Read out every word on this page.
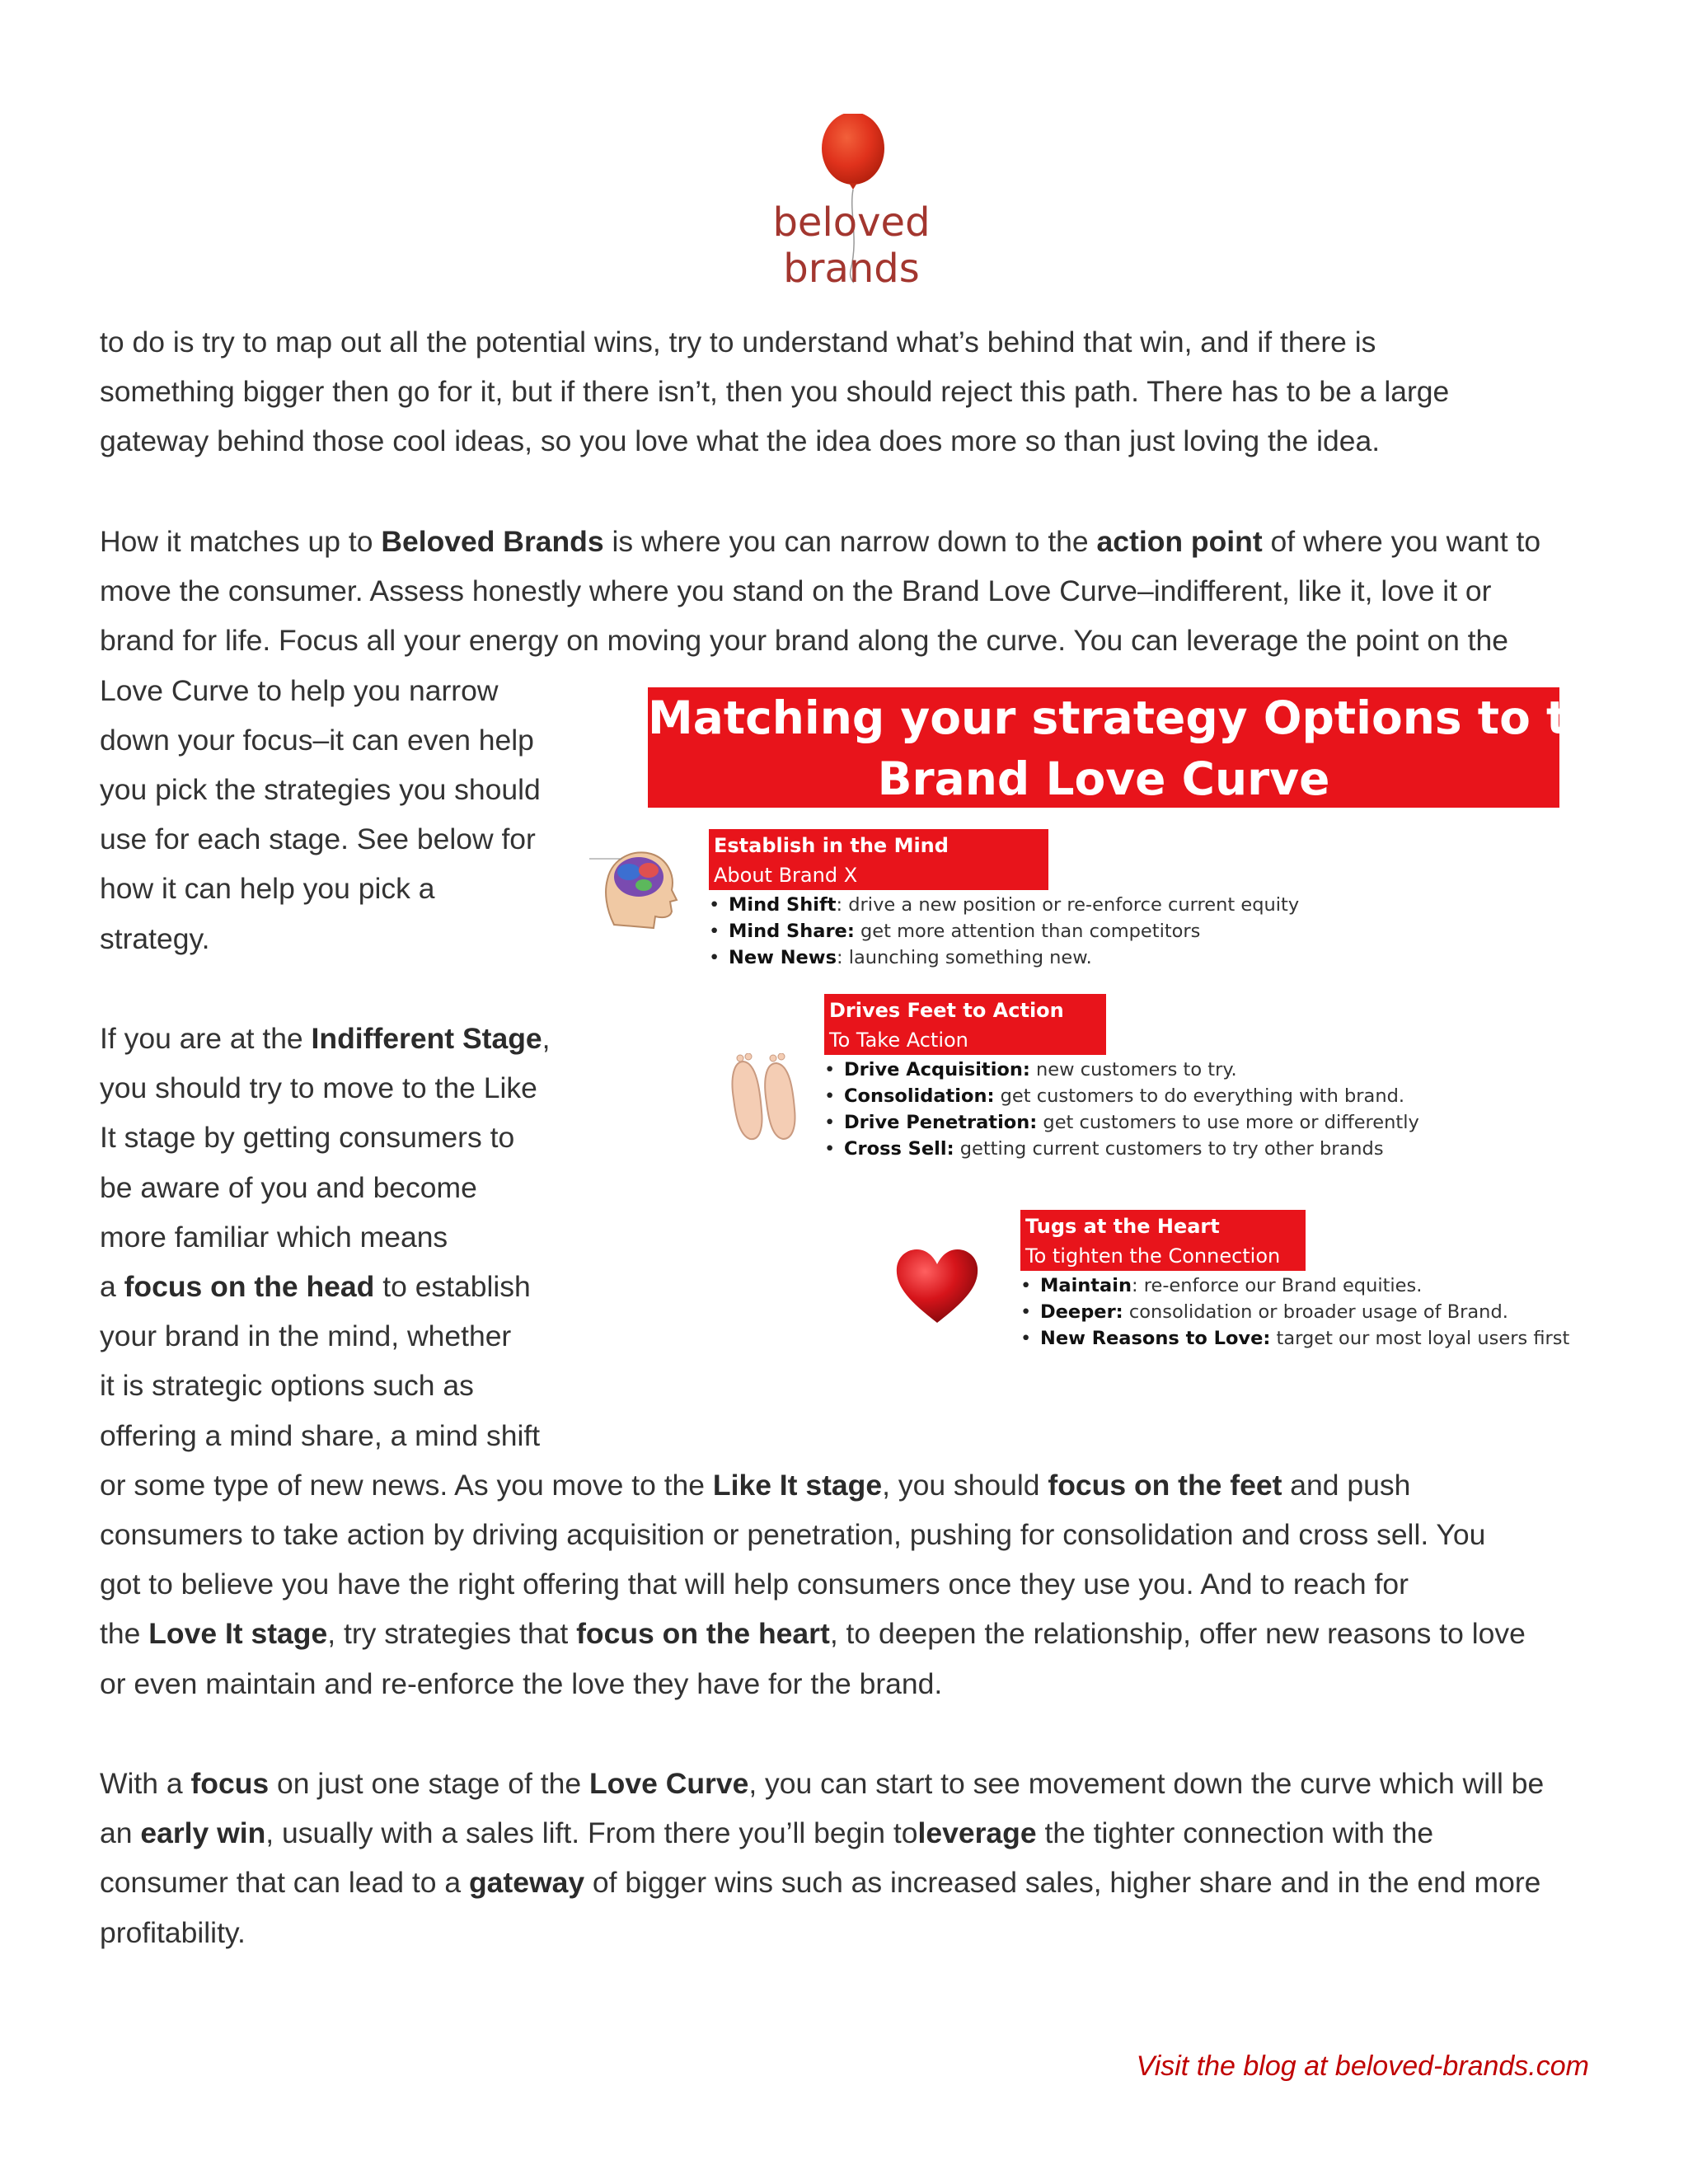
beloved brands
to do is try to map out all the potential wins, try to understand what’s behind that win, and if there is
something bigger then go for it, but if there isn’t, then you should reject this path. There has to be a large
gateway behind those cool ideas, so you love what the idea does more so than just loving the idea.
How it matches up to Beloved Brands is where you can narrow down to the action point of where you want to
move the consumer. Assess honestly where you stand on the Brand Love Curve–indifferent, like it, love it or
brand for life. Focus all your energy on moving your brand along the curve. You can leverage the point on the
Love Curve to help you narrow
down your focus–it can even help
you pick the strategies you should
use for each stage. See below for
how it can help you pick a
strategy.
If you are at the Indifferent Stage,
you should try to move to the Like
It stage by getting consumers to
be aware of you and become
more familiar which means
a focus on the head to establish
your brand in the mind, whether
it is strategic options such as
offering a mind share, a mind shift
or some type of new news. As you move to the Like It stage, you should focus on the feet and push
consumers to take action by driving acquisition or penetration, pushing for consolidation and cross sell. You
got to believe you have the right offering that will help consumers once they use you. And to reach for
the Love It stage, try strategies that focus on the heart, to deepen the relationship, offer new reasons to love
or even maintain and re-enforce the love they have for the brand.
With a focus on just one stage of the Love Curve, you can start to see movement down the curve which will be
an early win, usually with a sales lift. From there you’ll begin toleverage the tighter connection with the
consumer that can lead to a gateway of bigger wins such as increased sales, higher share and in the end more
profitability.
Matching your strategy Options to the
Brand Love Curve
Establish in the Mind
About Brand X
• Mind Shift: drive a new position or re-enforce current equity
• Mind Share: get more attention than competitors
• New News: launching something new.
Drives Feet to Action
To Take Action
• Drive Acquisition: new customers to try.
• Consolidation: get customers to do everything with brand.
• Drive Penetration: get customers to use more or differently
• Cross Sell: getting current customers to try other brands
Tugs at the Heart
To tighten the Connection
• Maintain: re-enforce our Brand equities.
• Deeper: consolidation or broader usage of Brand.
• New Reasons to Love: target our most loyal users first
Visit the blog at beloved-brands.com
